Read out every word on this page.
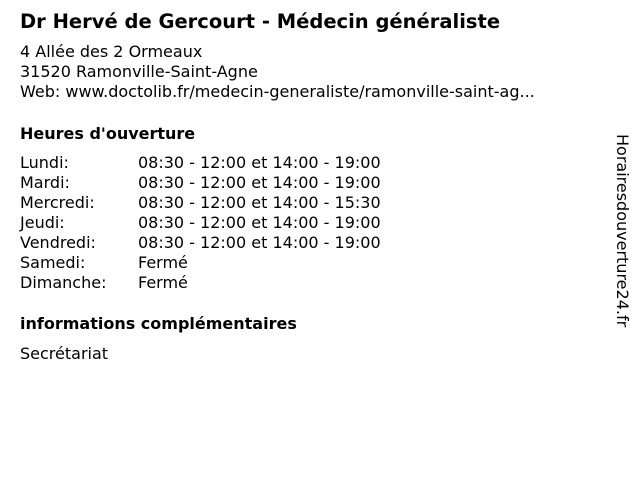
Dr Hervé de Gercourt - Médecin généraliste
4 Allée des 2 Ormeaux
31520 Ramonville-Saint-Agne
Web: www.doctolib.fr/medecin-generaliste/ramonville-saint-ag...
Heures d'ouverture
Lundi:	08:30 - 12:00 et 14:00 - 19:00
Mardi:	08:30 - 12:00 et 14:00 - 19:00
Mercredi:	08:30 - 12:00 et 14:00 - 15:30
Jeudi:	08:30 - 12:00 et 14:00 - 19:00
Vendredi:	08:30 - 12:00 et 14:00 - 19:00
Samedi:	Fermé
Dimanche: Fermé
informations complémentaires
Secrétariat
Horairesdouverture24.fr
